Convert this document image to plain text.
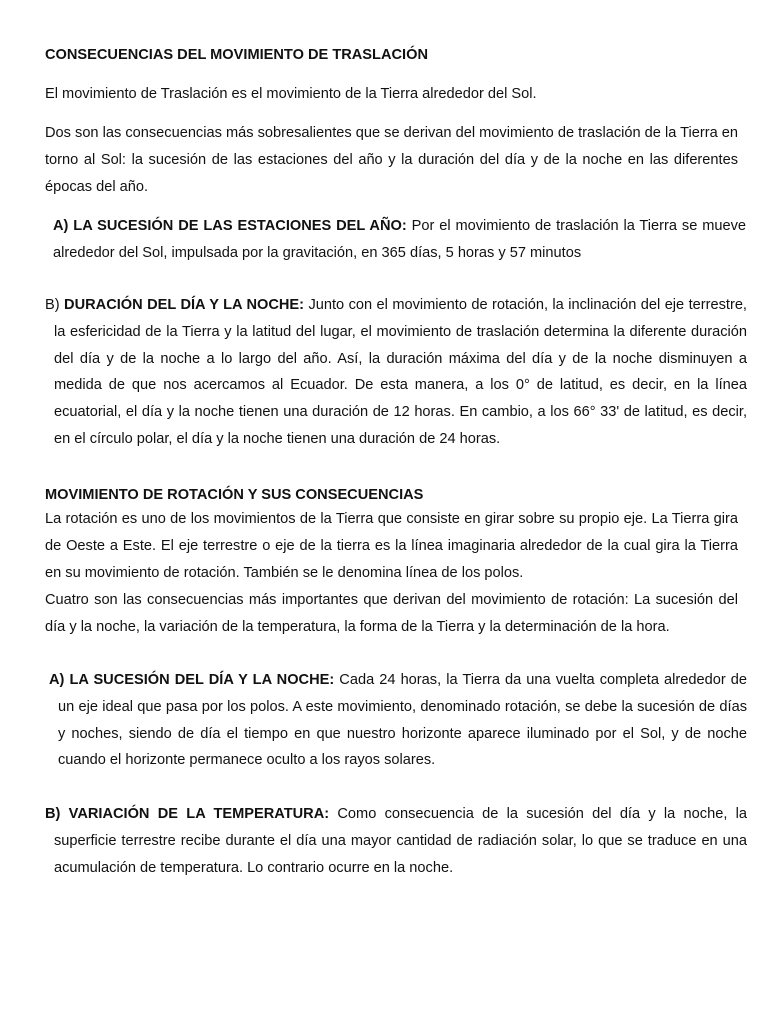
CONSECUENCIAS DEL MOVIMIENTO DE TRASLACIÓN

El movimiento de Traslación es el movimiento de la Tierra alrededor del Sol.

Dos son las consecuencias más sobresalientes que se derivan del movimiento de traslación de la Tierra en torno al Sol: la sucesión de las estaciones del año y la duración del día y de la noche en las diferentes épocas del año.

A) LA SUCESIÓN DE LAS ESTACIONES DEL AÑO: Por el movimiento de traslación la Tierra se mueve alrededor del Sol, impulsada por la gravitación, en 365 días, 5 horas y 57 minutos

B) DURACIÓN DEL DÍA Y LA NOCHE: Junto con el movimiento de rotación, la inclinación del eje terrestre, la esfericidad de la Tierra y la latitud del lugar, el movimiento de traslación determina la diferente duración del día y de la noche a lo largo del año. Así, la duración máxima del día y de la noche disminuyen a medida de que nos acercamos al Ecuador. De esta manera, a los 0° de latitud, es decir, en la línea ecuatorial, el día y la noche tienen una duración de 12 horas. En cambio, a los 66° 33' de latitud, es decir, en el círculo polar, el día y la noche tienen una duración de 24 horas.

MOVIMIENTO DE ROTACIÓN Y SUS CONSECUENCIAS

La rotación es uno de los movimientos de la Tierra que consiste en girar sobre su propio eje. La Tierra gira de Oeste a Este. El eje terrestre o eje de la tierra es la línea imaginaria alrededor de la cual gira la Tierra en su movimiento de rotación. También se le denomina línea de los polos.

Cuatro son las consecuencias más importantes que derivan del movimiento de rotación: La sucesión del día y la noche, la variación de la temperatura, la forma de la Tierra y la determinación de la hora.

A) LA SUCESIÓN DEL DÍA Y LA NOCHE: Cada 24 horas, la Tierra da una vuelta completa alrededor de un eje ideal que pasa por los polos. A este movimiento, denominado rotación, se debe la sucesión de días y noches, siendo de día el tiempo en que nuestro horizonte aparece iluminado por el Sol, y de noche cuando el horizonte permanece oculto a los rayos solares.

B) VARIACIÓN DE LA TEMPERATURA: Como consecuencia de la sucesión del día y la noche, la superficie terrestre recibe durante el día una mayor cantidad de radiación solar, lo que se traduce en una acumulación de temperatura. Lo contrario ocurre en la noche.
